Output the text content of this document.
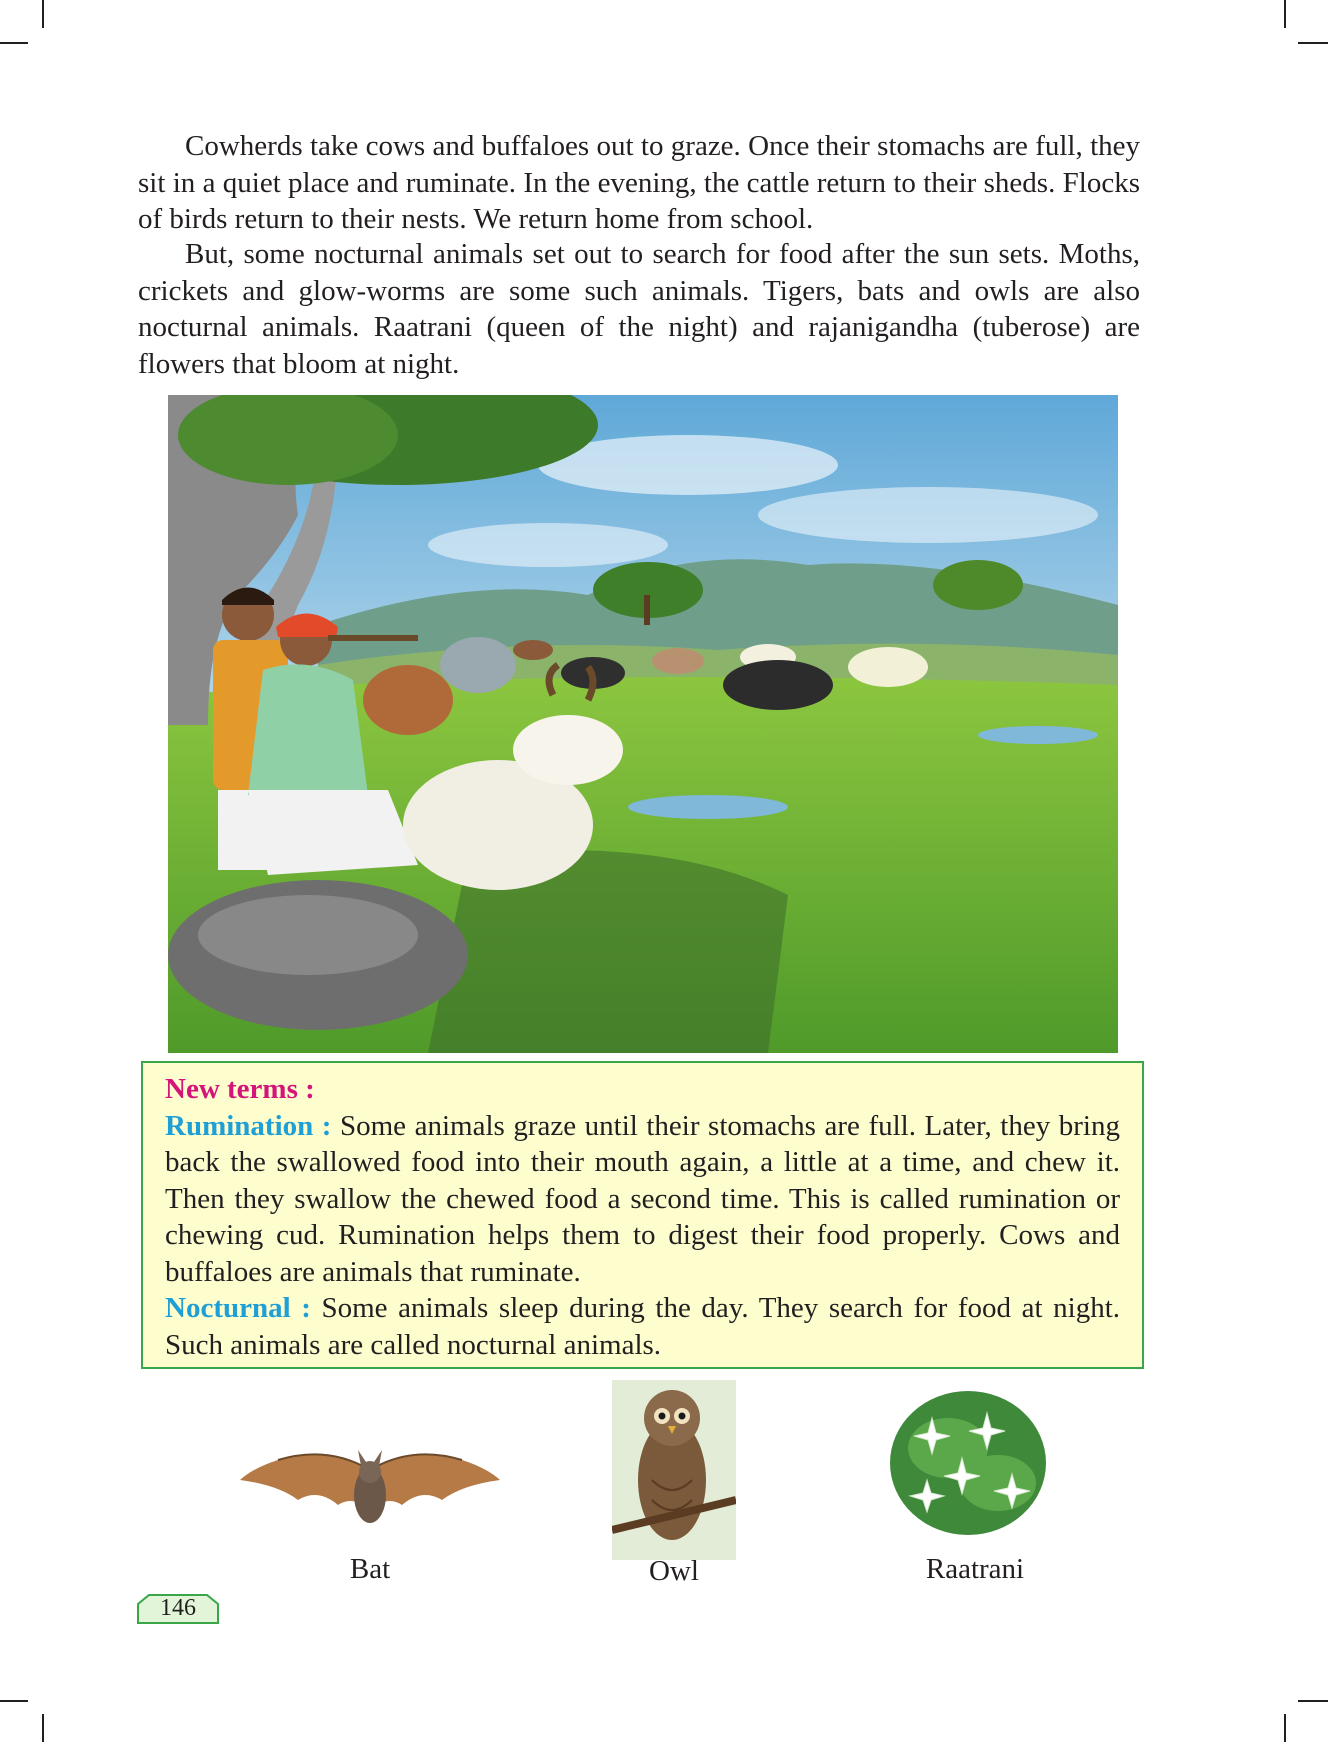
Cowherds take cows and buffaloes out to graze. Once their stomachs are full, they sit in a quiet place and ruminate. In the evening, the cattle return to their sheds. Flocks of birds return to their nests. We return home from school.

But, some nocturnal animals set out to search for food after the sun sets. Moths, crickets and glow-worms are some such animals. Tigers, bats and owls are also nocturnal animals. Raatrani (queen of the night) and rajanigandha (tuberose) are flowers that bloom at night.

New terms :

Rumination : Some animals graze until their stomachs are full. Later, they bring back the swallowed food into their mouth again, a little at a time, and chew it. Then they swallow the chewed food a second time. This is called rumination or chewing cud. Rumination helps them to digest their food properly. Cows and buffaloes are animals that ruminate.

Nocturnal : Some animals sleep during the day. They search for food at night. Such animals are called nocturnal animals.

Bat	Owl	Raatrani
146
